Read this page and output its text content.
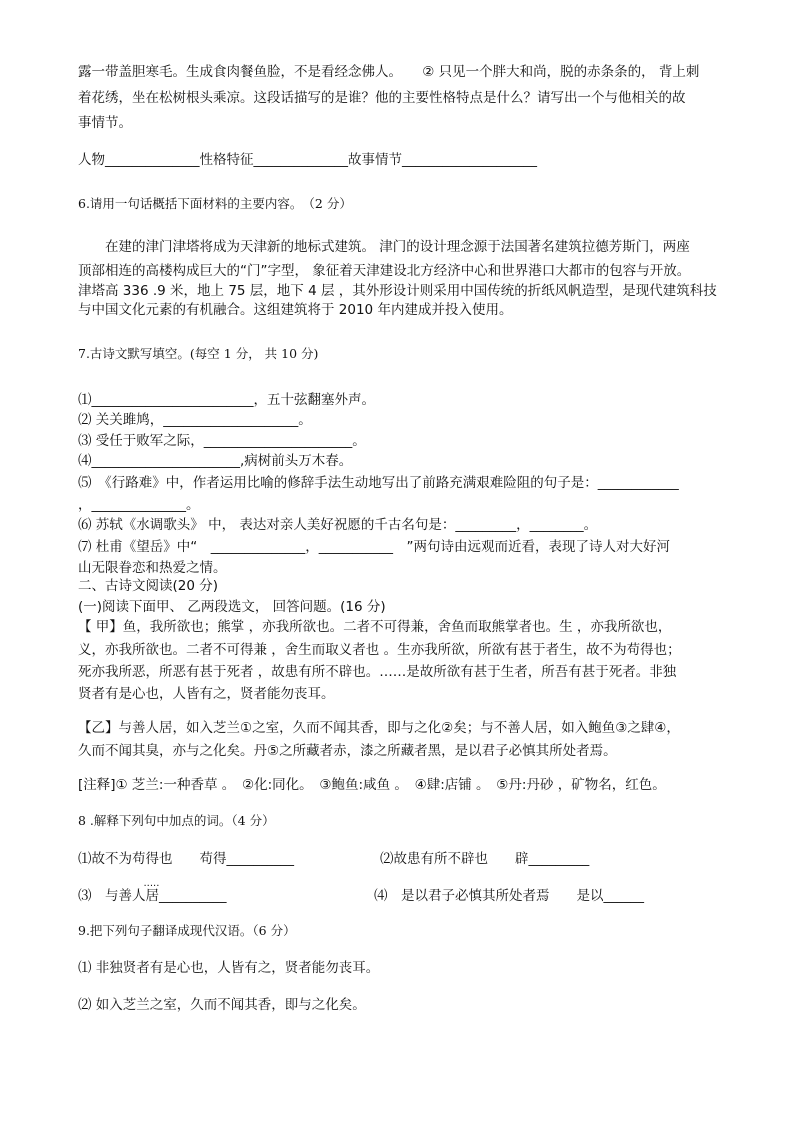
露一带盖胆寒毛。生成食肉餐鱼脸，不是看经念佛人。　　② 只见一个胖大和尚，脱的赤条条的， 背上刺
着花绣，坐在松树根头乘凉。这段话描写的是谁？他的主要性格特点是什么？请写出一个与他相关的故
事情节。
人物______________性格特征______________故事情节____________________
6.请用一句话概括下面材料的主要内容。　（2 分）
　　在建的津门津塔将成为天津新的地标式建筑。 津门的设计理念源于法国著名建筑拉德芳斯门，两座
顶部相连的高楼构成巨大的“门”字型， 象征着天津建设北方经济中心和世界港口大都市的包容与开放。
津塔高 336 .9 米，地上 75 层，地下 4 层 ，其外形设计则采用中国传统的折纸风帆造型，是现代建筑科技
与中国文化元素的有机融合。这组建筑将于 2010 年内建成并投入使用。
7.古诗文默写填空。(每空 1 分， 共 10 分)
⑴________________________，五十弦翻塞外声。
⑵ 关关雎鸠，____________________。
⑶ 受任于败军之际，______________________。
⑷______________________,病树前头万木春。
⑸　《行路难》中，作者运用比喻的修辞手法生动地写出了前路充满艰难险阻的句子是：____________
，______________。
⑹ 苏轼《水调歌头》 中， 表达对亲人美好祝愿的千古名句是：_________，________。
⑺ 杜甫《望岳》中“　______________，___________　”两句诗由远观而近看，表现了诗人对大好河
山无限眷恋和热爱之情。
二、古诗文阅读(20 分)
(一)阅读下面甲、 乙两段选文， 回答问题。(16 分)
【 甲】鱼，我所欲也；熊掌 ，亦我所欲也。二者不可得兼，舍鱼而取熊掌者也。生 ，亦我所欲也，
义，亦我所欲也。二者不可得兼 ，舍生而取义者也 。生亦我所欲，所欲有甚于者生，故不为苟得也；
死亦我所恶，所恶有甚于死者 ，故患有所不辟也。……是故所欲有甚于生者，所吾有甚于死者。非独
贤者有是心也，人皆有之，贤者能勿丧耳。
【乙】与善人居，如入芝兰①之室，久而不闻其香，即与之化②矣；与不善人居，如入鲍鱼③之肆④，
久而不闻其臭，亦与之化矣。丹⑤之所藏者赤，漆之所藏者黑，是以君子必慎其所处者焉。
[注释]① 芝兰:一种香草 。　②化:同化。　③鲍鱼:咸鱼 。　④肆:店铺 。　⑤丹:丹砂 ，矿物名，红色。
8 .解释下列句中加点的词。（4 分）
⑴故不为苟得也　　苟得__________	⑵故患有所不辟也　　辟_________
⑶　与善人····· 居__________	⑷　是以君子必慎其所处者焉　　是以______
9.把下列句子翻译成现代汉语。（6 分）
⑴ 非独贤者有是心也，人皆有之，贤者能勿丧耳。
⑵ 如入芝兰之室，久而不闻其香，即与之化矣。
